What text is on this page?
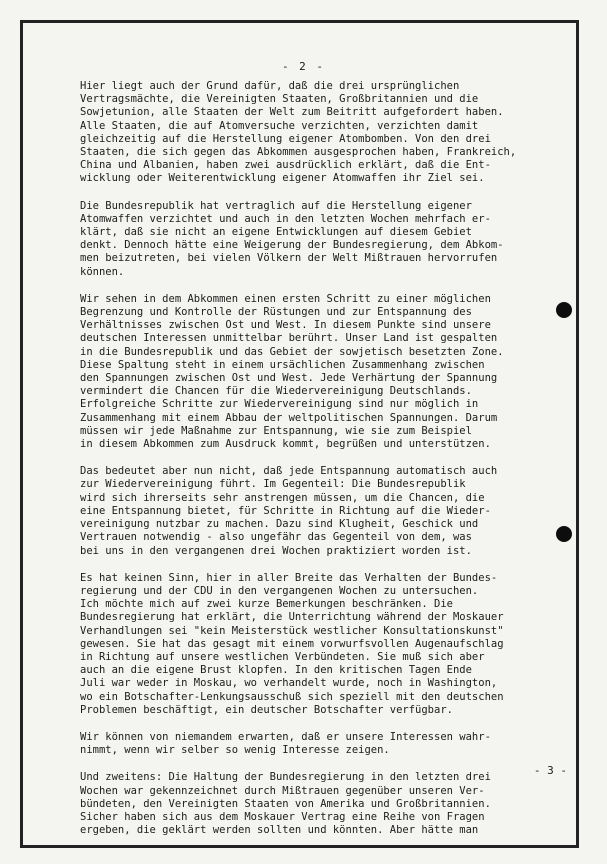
- 2 -

Hier liegt auch der Grund dafür, daß die drei ursprünglichen
Vertragsmächte, die Vereinigten Staaten, Großbritannien und die
Sowjetunion, alle Staaten der Welt zum Beitritt aufgefordert haben.
Alle Staaten, die auf Atomversuche verzichten, verzichten damit
gleichzeitig auf die Herstellung eigener Atombomben. Von den drei
Staaten, die sich gegen das Abkommen ausgesprochen haben, Frankreich,
China und Albanien, haben zwei ausdrücklich erklärt, daß die Ent-
wicklung oder Weiterentwicklung eigener Atomwaffen ihr Ziel sei.

Die Bundesrepublik hat vertraglich auf die Herstellung eigener
Atomwaffen verzichtet und auch in den letzten Wochen mehrfach er-
klärt, daß sie nicht an eigene Entwicklungen auf diesem Gebiet
denkt. Dennoch hätte eine Weigerung der Bundesregierung, dem Abkom-
men beizutreten, bei vielen Völkern der Welt Mißtrauen hervorrufen
können.

Wir sehen in dem Abkommen einen ersten Schritt zu einer möglichen
Begrenzung und Kontrolle der Rüstungen und zur Entspannung des
Verhältnisses zwischen Ost und West. In diesem Punkte sind unsere
deutschen Interessen unmittelbar berührt. Unser Land ist gespalten
in die Bundesrepublik und das Gebiet der sowjetisch besetzten Zone.
Diese Spaltung steht in einem ursächlichen Zusammenhang zwischen
den Spannungen zwischen Ost und West. Jede Verhärtung der Spannung
vermindert die Chancen für die Wiedervereinigung Deutschlands.
Erfolgreiche Schritte zur Wiedervereinigung sind nur möglich in
Zusammenhang mit einem Abbau der weltpolitischen Spannungen. Darum
müssen wir jede Maßnahme zur Entspannung, wie sie zum Beispiel
in diesem Abkommen zum Ausdruck kommt, begrüßen und unterstützen.

Das bedeutet aber nun nicht, daß jede Entspannung automatisch auch
zur Wiedervereinigung führt. Im Gegenteil: Die Bundesrepublik
wird sich ihrerseits sehr anstrengen müssen, um die Chancen, die
eine Entspannung bietet, für Schritte in Richtung auf die Wieder-
vereinigung nutzbar zu machen. Dazu sind Klugheit, Geschick und
Vertrauen notwendig - also ungefähr das Gegenteil von dem, was
bei uns in den vergangenen drei Wochen praktiziert worden ist.

Es hat keinen Sinn, hier in aller Breite das Verhalten der Bundes-
regierung und der CDU in den vergangenen Wochen zu untersuchen.
Ich möchte mich auf zwei kurze Bemerkungen beschränken. Die
Bundesregierung hat erklärt, die Unterrichtung während der Moskauer
Verhandlungen sei "kein Meisterstück westlicher Konsultationskunst"
gewesen. Sie hat das gesagt mit einem vorwurfsvollen Augenaufschlag
in Richtung auf unsere westlichen Verbündeten. Sie muß sich aber
auch an die eigene Brust klopfen. In den kritischen Tagen Ende
Juli war weder in Moskau, wo verhandelt wurde, noch in Washington,
wo ein Botschafter-Lenkungsausschuß sich speziell mit den deutschen
Problemen beschäftigt, ein deutscher Botschafter verfügbar.

Wir können von niemandem erwarten, daß er unsere Interessen wahr-
nimmt, wenn wir selber so wenig Interesse zeigen.

Und zweitens: Die Haltung der Bundesregierung in den letzten drei
Wochen war gekennzeichnet durch Mißtrauen gegenüber unseren Ver-
bündeten, den Vereinigten Staaten von Amerika und Großbritannien.
Sicher haben sich aus dem Moskauer Vertrag eine Reihe von Fragen
ergeben, die geklärt werden sollten und könnten. Aber hätte man

- 3 -
